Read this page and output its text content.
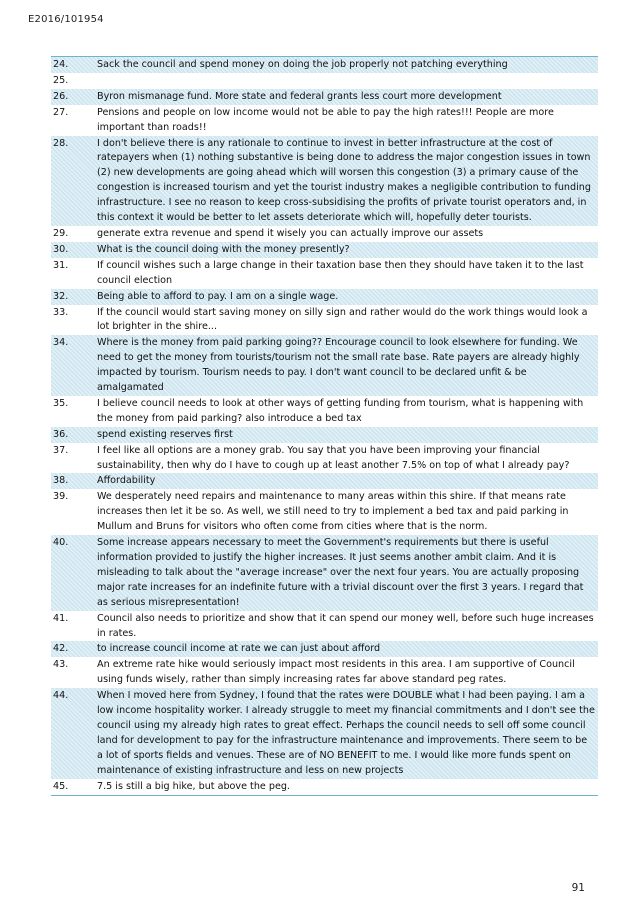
E2016/101954
24.	Sack the council and spend money on doing the job properly not patching everything
25.
26.	Byron mismanage fund. More state and federal grants less court more development
27.	Pensions and people on low income would not be able to pay the high rates!!! People are more important than roads!!
28.	I don't believe there is any rationale to continue to invest in better infrastructure at the cost of ratepayers when (1) nothing substantive is being done to address the major congestion issues in town (2) new developments are going ahead which will worsen this congestion (3) a primary cause of the congestion is increased tourism and yet the tourist industry makes a negligible contribution to funding infrastructure. I see no reason to keep cross-subsidising the profits of private tourist operators and, in this context it would be better to let assets deteriorate which will, hopefully deter tourists.
29.	generate extra revenue and spend it wisely you can actually improve our assets
30.	What is the council doing with the money presently?
31.	If council wishes such a large change in their taxation base then they should have taken it to the last council election
32.	Being able to afford to pay. I am on a single wage.
33.	If the council would start saving money on silly sign and rather would do the work things would look a lot brighter in the shire...
34.	Where is the money from paid parking going?? Encourage council to look elsewhere for funding. We need to get the money from tourists/tourism not the small rate base. Rate payers are already highly impacted by tourism. Tourism needs to pay. I don't want council to be declared unfit & be amalgamated
35.	I believe council needs to look at other ways of getting funding from tourism, what is happening with the money from paid parking? also introduce a bed tax
36.	spend existing reserves first
37.	I feel like all options are a money grab. You say that you have been improving your financial sustainability, then why do I have to cough up at least another 7.5% on top of what I already pay?
38.	Affordability
39.	We desperately need repairs and maintenance to many areas within this shire. If that means rate increases then let it be so. As well, we still need to try to implement a bed tax and paid parking in Mullum and Bruns for visitors who often come from cities where that is the norm.
40.	Some increase appears necessary to meet the Government's requirements but there is useful information provided to justify the higher increases. It just seems another ambit claim. And it is misleading to talk about the "average increase" over the next four years. You are actually proposing major rate increases for an indefinite future with a trivial discount over the first 3 years. I regard that as serious misrepresentation!
41.	Council also needs to prioritize and show that it can spend our money well, before such huge increases in rates.
42.	to increase council income at rate we can just about afford
43.	An extreme rate hike would seriously impact most residents in this area. I am supportive of Council using funds wisely, rather than simply increasing rates far above standard peg rates.
44.	When I moved here from Sydney, I found that the rates were DOUBLE what I had been paying. I am a low income hospitality worker. I already struggle to meet my financial commitments and I don't see the council using my already high rates to great effect. Perhaps the council needs to sell off some council land for development to pay for the infrastructure maintenance and improvements. There seem to be a lot of sports fields and venues. These are of NO BENEFIT to me. I would like more funds spent on maintenance of existing infrastructure and less on new projects
45.	7.5 is still a big hike, but above the peg.
91
